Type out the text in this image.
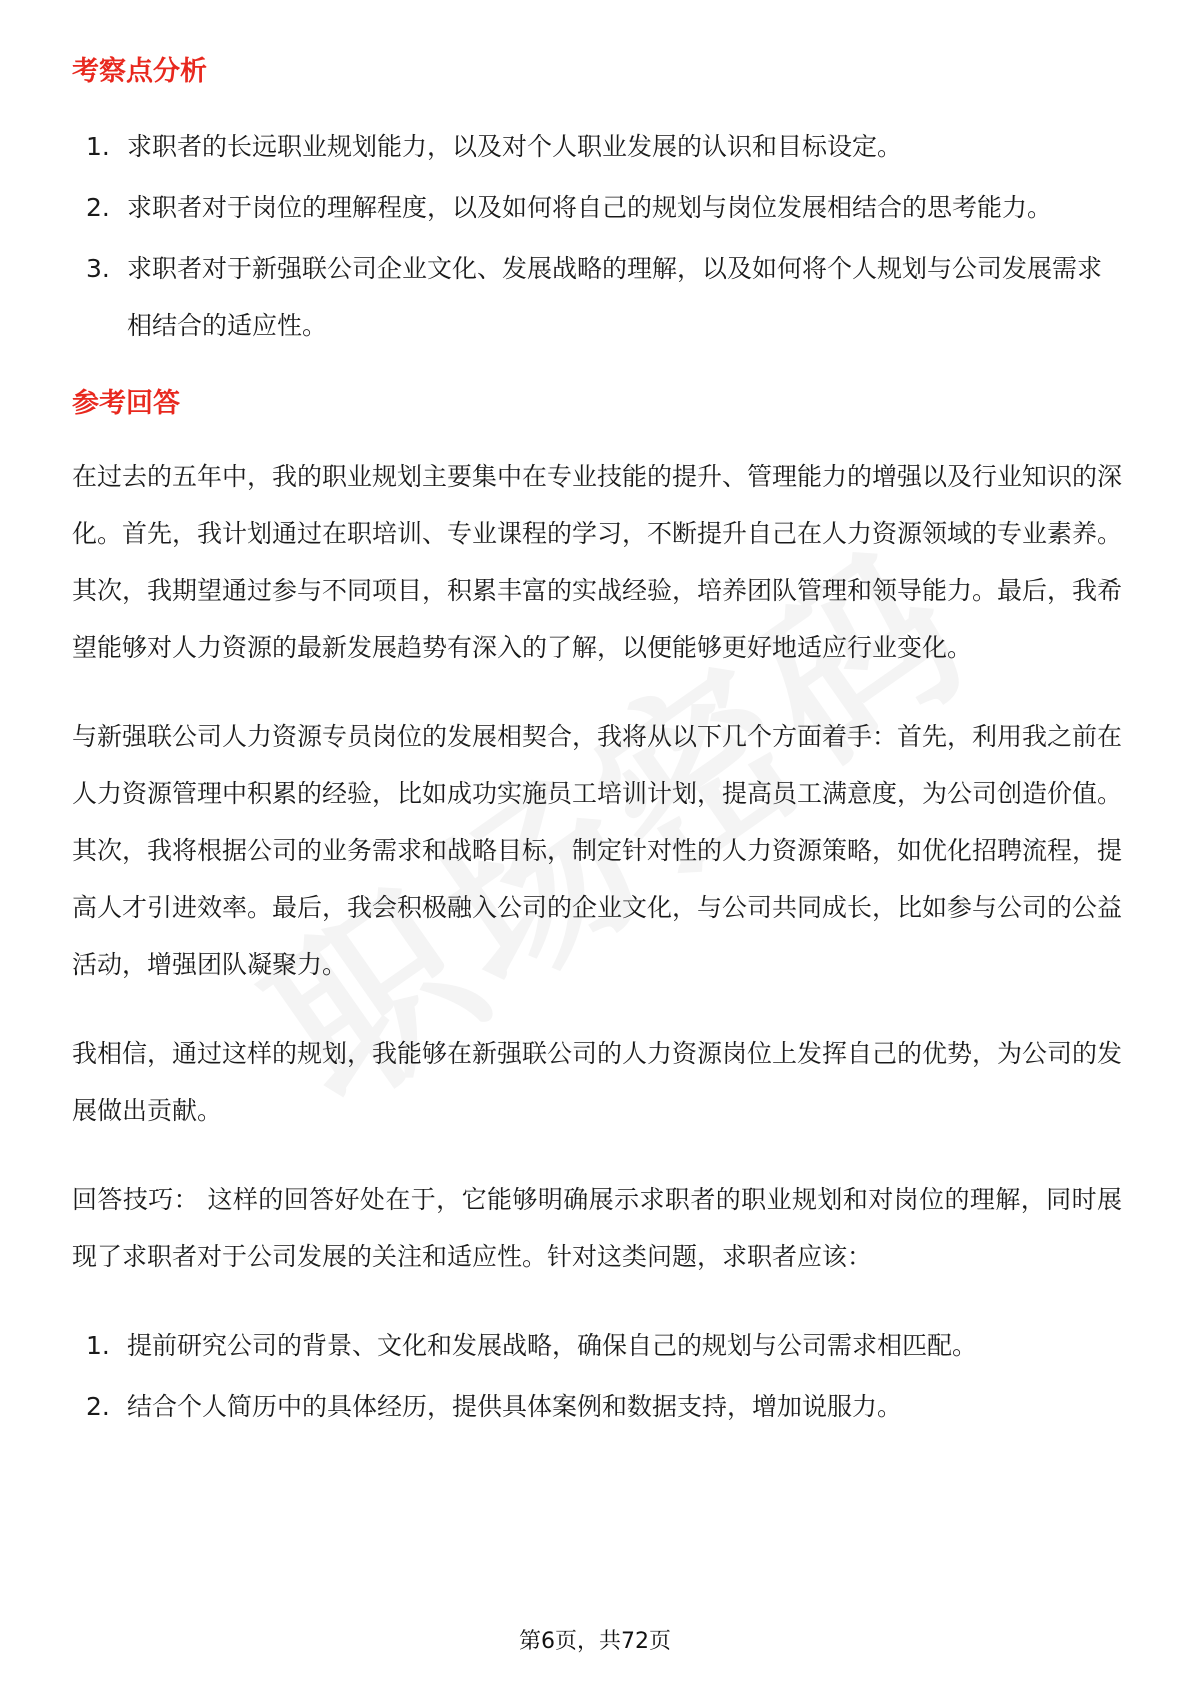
考察点分析
1. 求职者的长远职业规划能力，以及对个人职业发展的认识和目标设定。
2. 求职者对于岗位的理解程度，以及如何将自己的规划与岗位发展相结合的思考能力。
3. 求职者对于新强联公司企业文化、发展战略的理解，以及如何将个人规划与公司发展需求相结合的适应性。
参考回答

在过去的五年中，我的职业规划主要集中在专业技能的提升、管理能力的增强以及行业知识的深化。首先，我计划通过在职培训、专业课程的学习，不断提升自己在人力资源领域的专业素养。其次，我期望通过参与不同项目，积累丰富的实战经验，培养团队管理和领导能力。最后，我希望能够对人力资源的最新发展趋势有深入的了解，以便能够更好地适应行业变化。

与新强联公司人力资源专员岗位的发展相契合，我将从以下几个方面着手：首先，利用我之前在人力资源管理中积累的经验，比如成功实施员工培训计划，提高员工满意度，为公司创造价值。其次，我将根据公司的业务需求和战略目标，制定针对性的人力资源策略，如优化招聘流程，提高人才引进效率。最后，我会积极融入公司的企业文化，与公司共同成长，比如参与公司的公益活动，增强团队凝聚力。

我相信，通过这样的规划，我能够在新强联公司的人力资源岗位上发挥自己的优势，为公司的发展做出贡献。

回答技巧： 这样的回答好处在于，它能够明确展示求职者的职业规划和对岗位的理解，同时展现了求职者对于公司发展的关注和适应性。针对这类问题，求职者应该：

1. 提前研究公司的背景、文化和发展战略，确保自己的规划与公司需求相匹配。
2. 结合个人简历中的具体经历，提供具体案例和数据支持，增加说服力。
第6页，共72页
